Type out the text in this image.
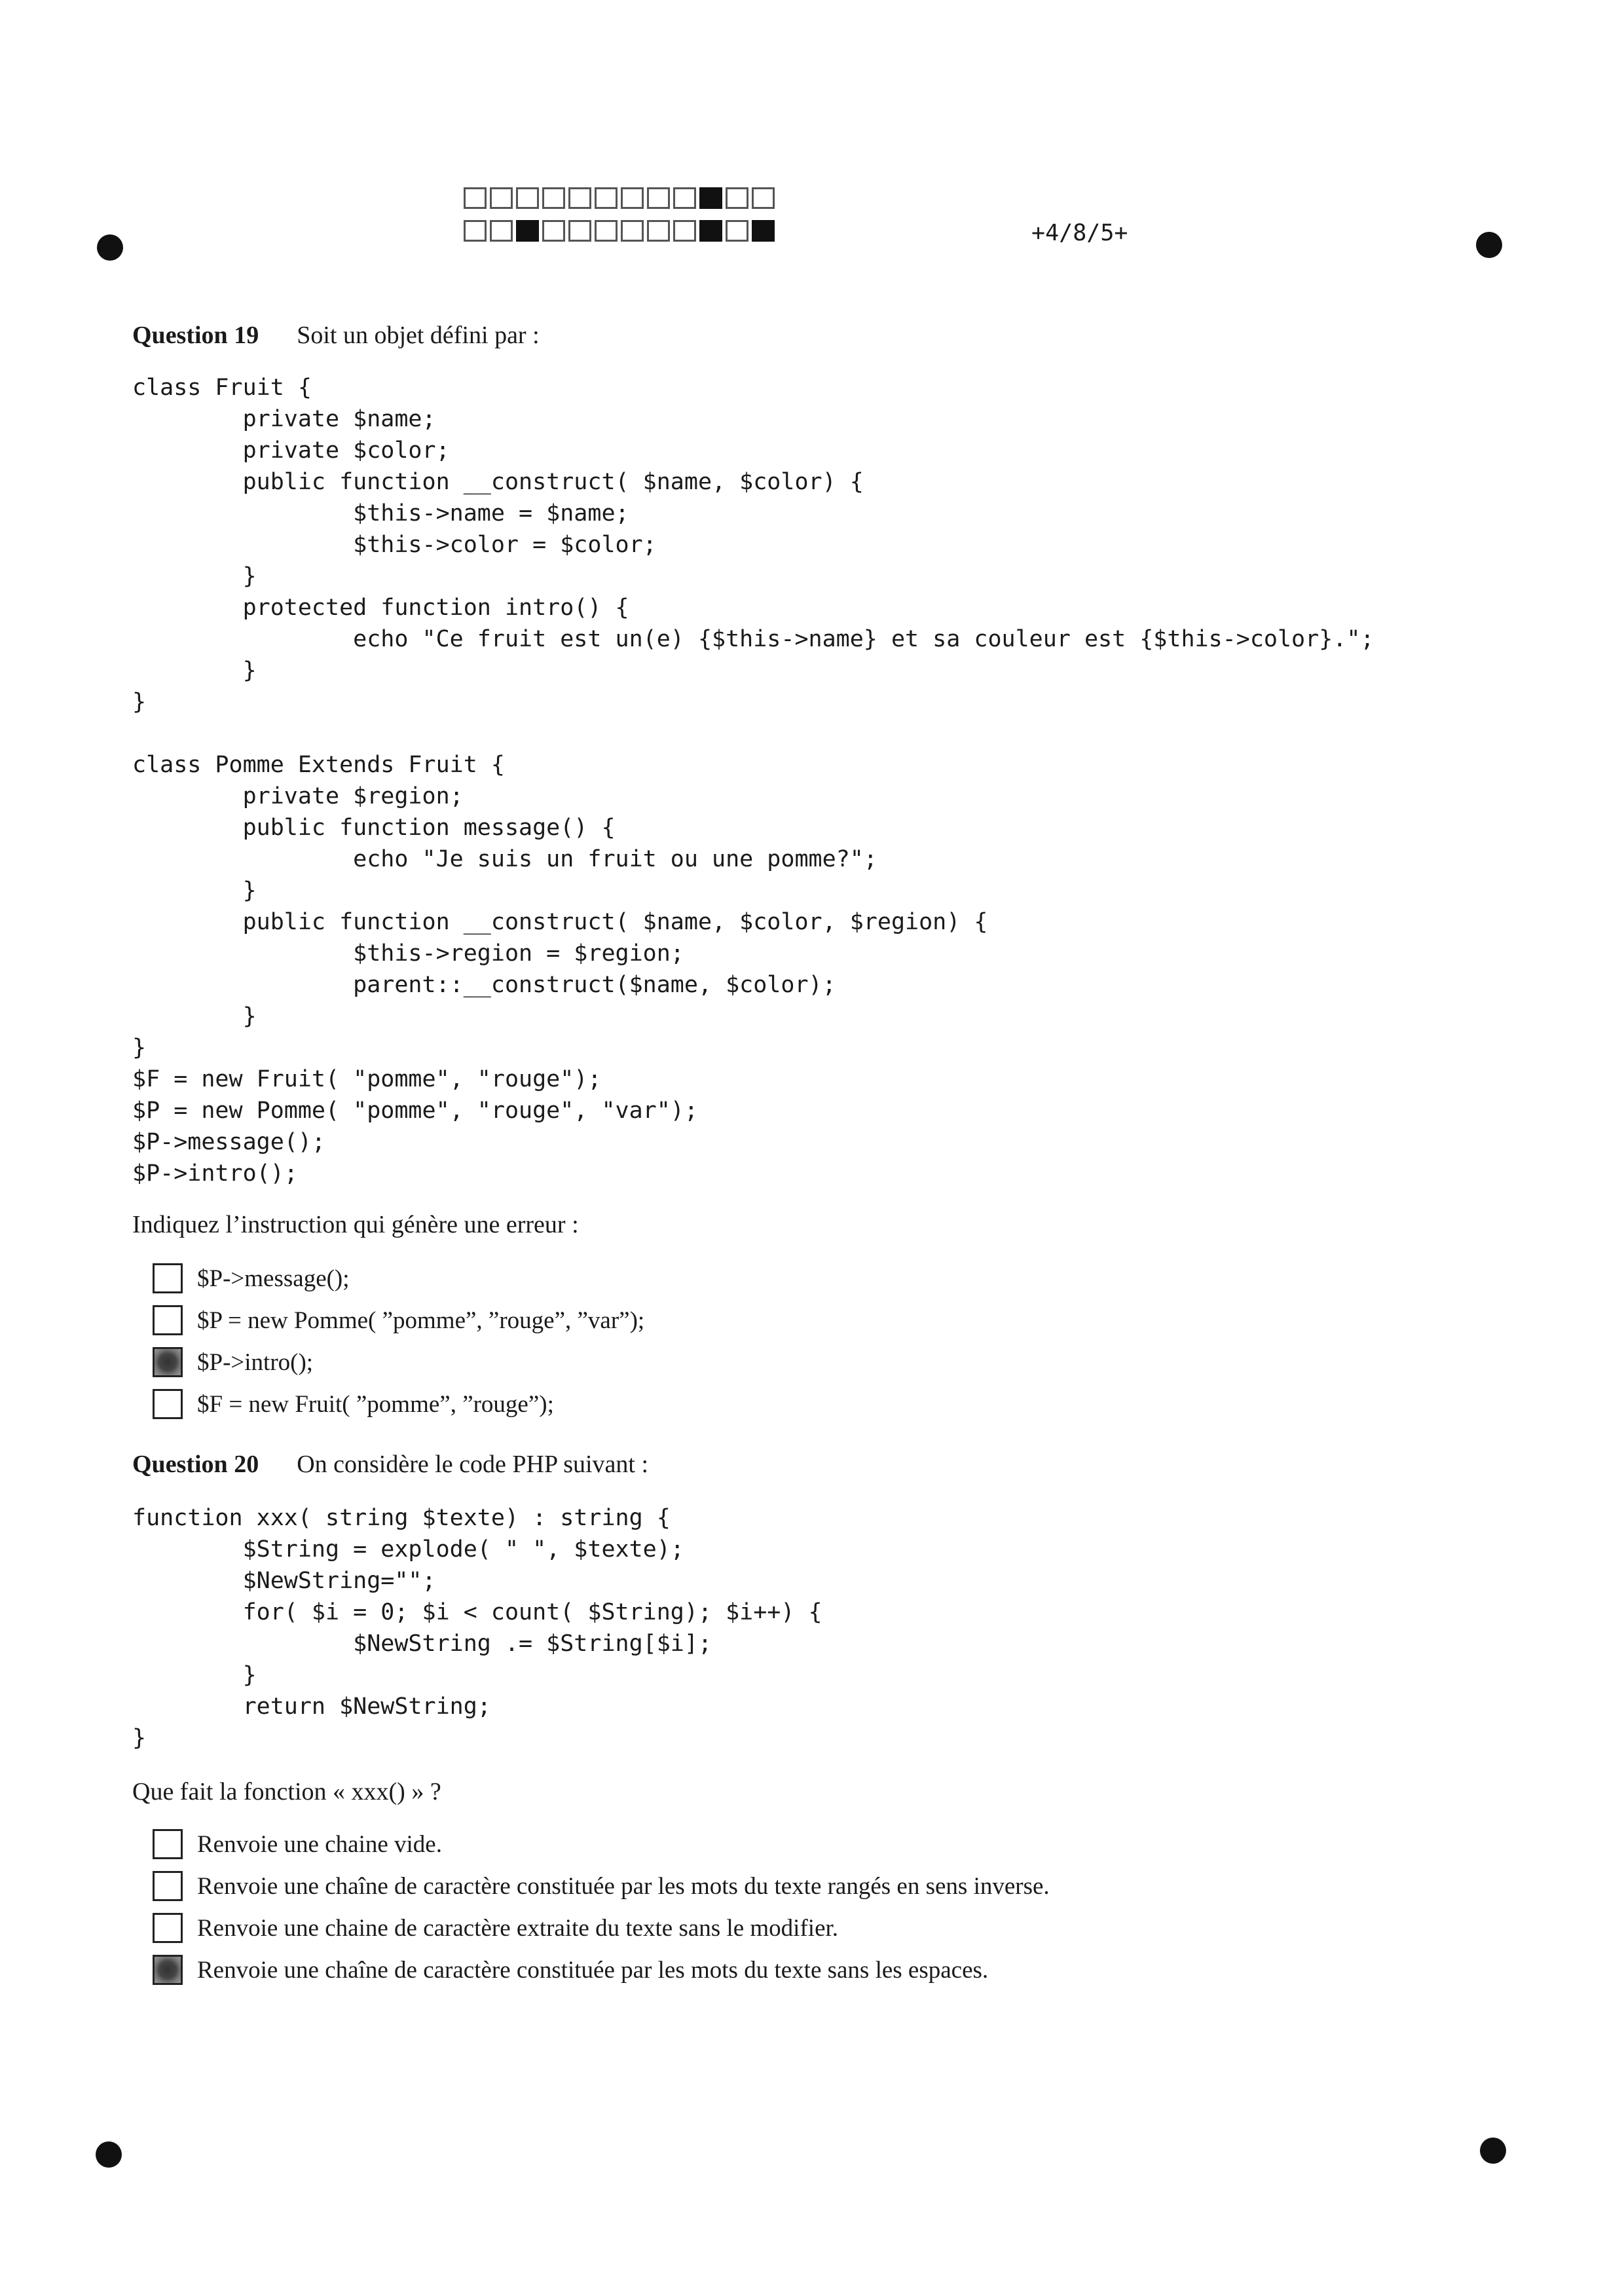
+4/8/5+
Question 19 Soit un objet défini par :
class Fruit {
private $name;
private $color;
public function __construct( $name, $color) {
$this->name = $name;
$this->color = $color;
}
protected function intro() {
echo "Ce fruit est un(e) {$this->name} et sa couleur est {$this->color}.";
}
}

class Pomme Extends Fruit {
private $region;
public function message() {
echo "Je suis un fruit ou une pomme?";
}
public function __construct( $name, $color, $region) {
$this->region = $region;
parent::__construct($name, $color);
}
}
$F = new Fruit( "pomme", "rouge");
$P = new Pomme( "pomme", "rouge", "var");
$P->message();
$P->intro();
Indiquez l’instruction qui génère une erreur :
$P->message();
$P = new Pomme( ”pomme”, ”rouge”, ”var”);
$P->intro();
$F = new Fruit( ”pomme”, ”rouge”);
Question 20 On considère le code PHP suivant :
function xxx( string $texte) : string {
$String = explode( " ", $texte);
$NewString="";
for( $i = 0; $i < count( $String); $i++) {
$NewString .= $String[$i];
}
return $NewString;
}
Que fait la fonction « xxx() » ?
Renvoie une chaine vide.
Renvoie une chaîne de caractère constituée par les mots du texte rangés en sens inverse.
Renvoie une chaine de caractère extraite du texte sans le modifier.
Renvoie une chaîne de caractère constituée par les mots du texte sans les espaces.
